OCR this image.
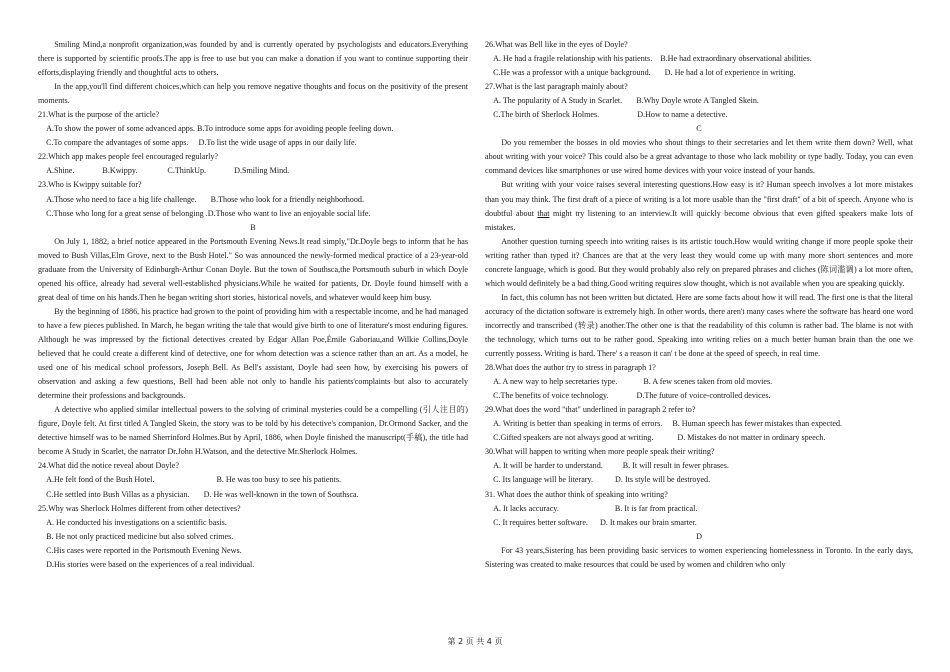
Smiling Mind,a nonprofit organization,was founded by and is currently operated by psychologists and educators.Everything there is supported by scientific proofs.The app is free to use but you can make a donation if you want to continue supporting their efforts,displaying friendly and thoughtful acts to others.

In the app,you'll find different choices,which can help you remove negative thoughts and focus on the positivity of the present moments.

21.What is the purpose of the article?

A.To show the power of some advanced apps. B.To introduce some apps for avoiding people feeling down.

C.To compare the advantages of some apps. D.To list the wide usage of apps in our daily life.

22.Which app makes people feel encouraged regularly?

A.Shine.	B.Kwippy.	C.ThinkUp.	D.Smiling Mind.

23.Who is Kwippy suitable for?

A.Those who need to face a big life challenge. B.Those who look for a friendly neighborhood.

C.Those who long for a great sense of belonging .D.Those who want to live an enjoyable social life.

B

On July 1, 1882, a brief notice appeared in the Portsmouth Evening News.It read simply,"Dr.Doyle begs to inform that he has moved to Bush Villas,Elm Grove, next to the Bush Hotel." So was announced the newly-formed medical practice of a 23-year-old graduate from the University of Edinburgh-Arthur Conan Doyle. But the town of Southsca,the Portsmouth suburb in which Doyle opened his office, already had several well-establishcd physicians.While he waited for patients, Dr. Doyle found himself with a great deal of time on his hands.Then he began writing short stories, historical novels, and whatever would keep him busy.

By the beginning of 1886, his practice had grown to the point of providing him with a respectable income, and he had managed to have a few pieces published. In March, he began writing the tale that would give birth to one of literature's most enduring figures. Although he was impressed by the fictional detectives created by Edgar Allan Poe,Émile Gaboriau,and Wilkie Collins,Doyle believed that he could create a different kind of detective, one for whom detection was a science rather than an art. As a model, he used one of his medical school professors, Joseph Bell. As Bell's assistant, Doyle had seen how, by exercising his powers of observation and asking a few questions, Bell had been able not only to handle his patients'complaints but also to accurately determine their professions and backgrounds.

A detective who applied similar intellectual powers to the solving of criminal mysteries could be a compelling (引人注目的) figure, Doyle felt. At first titled A Tangled Skein, the story was to be told by his detective's companion, Dr.Ormond Sacker, and the detective himself was to be named Sherrinford Holmes.But by April, 1886, when Doyle finished the manuscript(手稿), the title had become A Study in Scarlet, the narrator Dr.John H.Watson, and the detective Mr.Sherlock Holmes.

24.What did the notice reveal about Doyle?

A.He felt fond of the Bush Hotel.	B. He was too busy to see his patients.

C.He settled into Bush Villas as a physician. D. He was well-known in the town of Southsca.

25.Why was Sherlock Holmes different from other detectives?

A. He conducted his investigations on a scientific basis.

B. He not only practiced medicine but also solved crimes.

C.His cases were reported in the Portsmouth Evening News.

D.His stories were based on the experiences of a real individual.

26.What was Bell like in the eyes of Doyle?

A. He had a fragile relationship with his patients. B.He had extraordinary observational abilities.

C.He was a professor with a unique background. D. He had a lot of experience in writing.

27.What is the last paragraph mainly about?

A. The popularity of A Study in Scarlet. B.Why Doyle wrote A Tangled Skein.

C.The birth of Sherlock Holmes.	D.How to name a detective.

C

Do you remember the bosses in old movies who shout things to their secretaries and let them write them down? Well, what about writing with your voice? This could also be a great advantage to those who lack mobility or type badly. Today, you can even command devices like smartphones or use wired home devices with your voice instead of your hands.

But writing with your voice raises several interesting questions.How easy is it? Human speech involves a lot more mistakes than you may think. The first draft of a piece of writing is a lot more usable than the "first draft" of a bit of speech. Anyone who is doubtful about that might try listening to an interview.It will quickly become obvious that even gifted speakers make lots of mistakes.

Another question turning speech into writing raises is its artistic touch.How would writing change if more people spoke their writing rather than typed it? Chances are that at the very least they would come up with many more short sentences and more concrete language, which is good. But they would probably also rely on prepared phrases and cliches (陈词滥调) a lot more often, which would definitely be a bad thing.Good writing requires slow thought, which is not available when you are speaking quickly.

In fact, this column has not been written but dictated. Here are some facts about how it will read. The first one is that the literal accuracy of the dictation software is extremely high. In other words, there aren't many cases where the software has heard one word incorrectly and transcribed (转录) another.The other one is that the readability of this column is rather bad. The blame is not with the technology, which turns out to be rather good. Speaking into writing relies on a much better human brain than the one we currently possess. Writing is hard. There' s a reason it can' t be done at the speed of speech, in real time.

28.What does the author try to stress in paragraph 1?

A. A new way to help secretaries type.	B. A few scenes taken from old movies.

C.The benefits of voice technology.	D.The future of voice-controlled devices.

29.What does the word "that" underlined in paragraph 2 refer to?

A. Writing is better than speaking in terms of errors. B. Human speech has fewer mistakes than expected.

C.Gifted speakers are not always good at writing.	D. Mistakes do not matter in ordinary speech.

30.What will happen to writing when more people speak their writing?

A. It will be harder to understand. B. It will result in fewer phrases.

C. Its language will be literary.	D. Its style will be destroyed.

31. What does the author think of speaking into writing?

A. It lacks accuracy.	B. It is far from practical.

C. It requires better software. D. It makes our brain smarter.

D

For 43 years,Sistering has been providing basic services to women experiencing homelessness in Toronto. In the early days, Sistering was created to make resources that could be used by women and children who only

第 2 页 共 4 页
